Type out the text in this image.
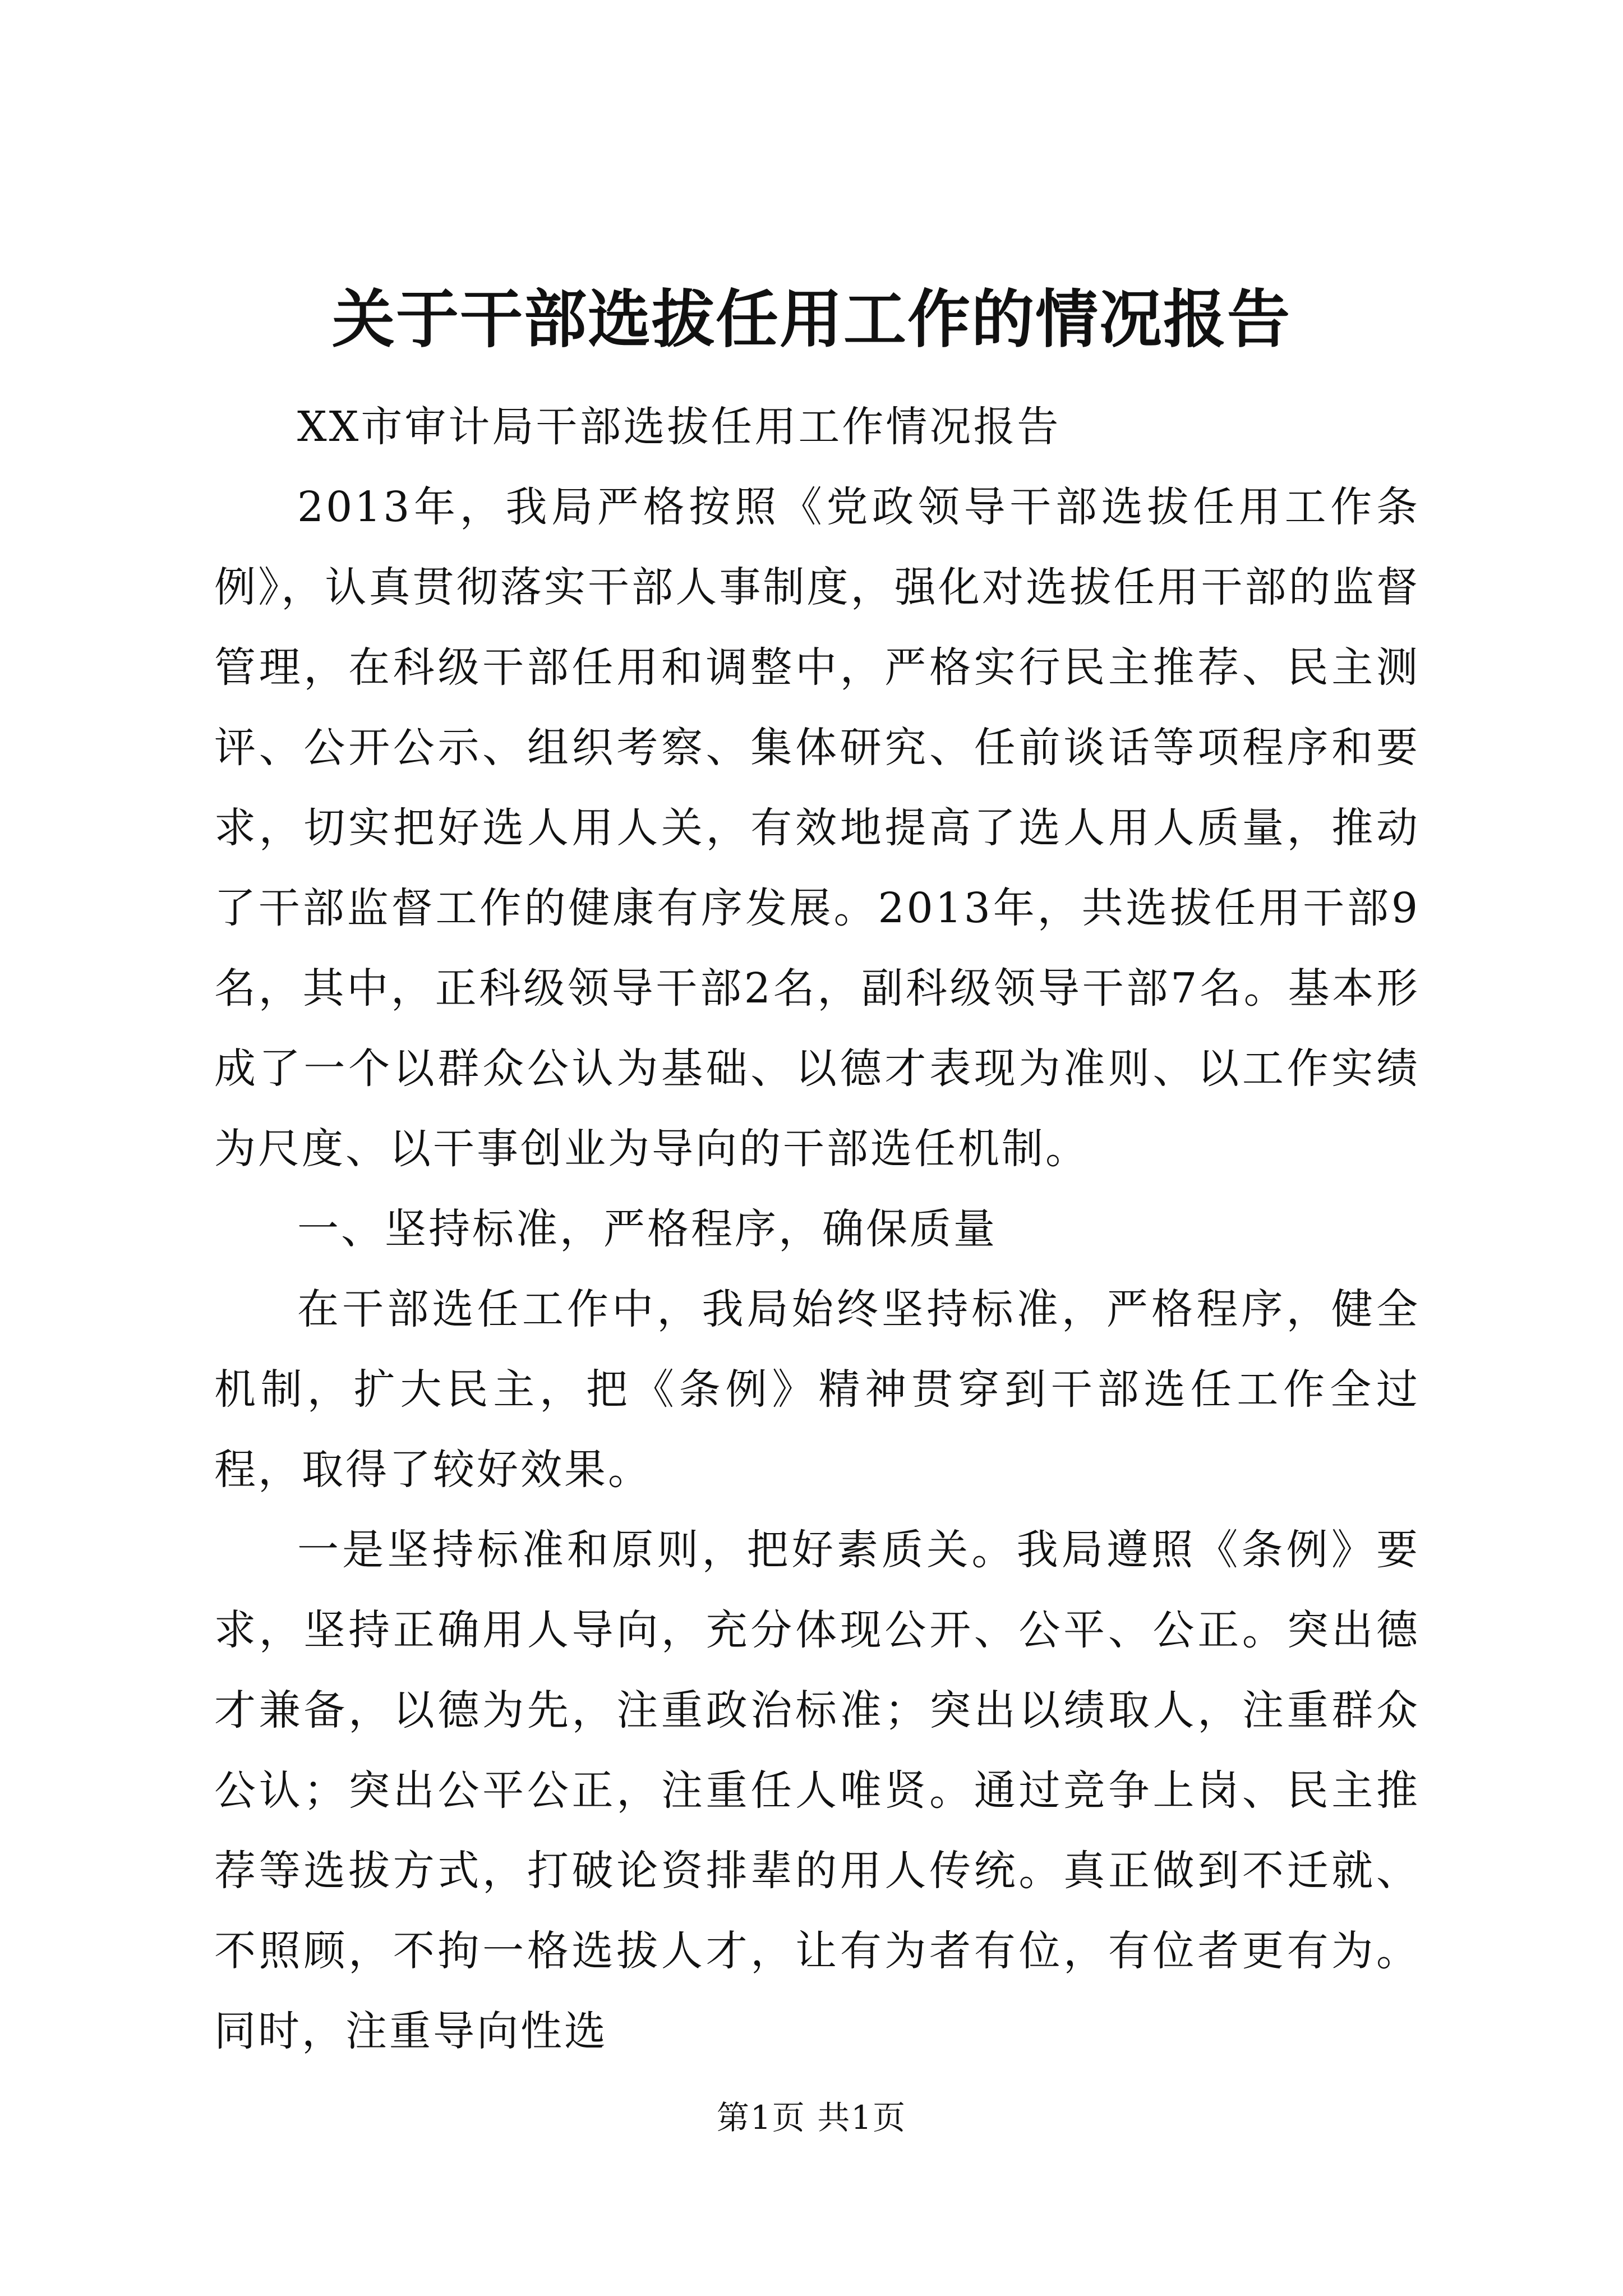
关于干部选拔任用工作的情况报告

XX市审计局干部选拔任用工作情况报告

2013年，我局严格按照《党政领导干部选拔任用工作条例》，认真贯彻落实干部人事制度，强化对选拔任用干部的监督管理，在科级干部任用和调整中，严格实行民主推荐、民主测评、公开公示、组织考察、集体研究、任前谈话等项程序和要求，切实把好选人用人关，有效地提高了选人用人质量，推动了干部监督工作的健康有序发展。2013年，共选拔任用干部9名，其中，正科级领导干部2名，副科级领导干部7名。基本形成了一个以群众公认为基础、以德才表现为准则、以工作实绩为尺度、以干事创业为导向的干部选任机制。

一、坚持标准，严格程序，确保质量

在干部选任工作中，我局始终坚持标准，严格程序，健全机制，扩大民主，把《条例》精神贯穿到干部选任工作全过程，取得了较好效果。

一是坚持标准和原则，把好素质关。我局遵照《条例》要求，坚持正确用人导向，充分体现公开、公平、公正。突出德才兼备，以德为先，注重政治标准；突出以绩取人，注重群众公认；突出公平公正，注重任人唯贤。通过竞争上岗、民主推荐等选拔方式，打破论资排辈的用人传统。真正做到不迁就、不照顾，不拘一格选拔人才，让有为者有位，有位者更有为。同时，注重导向性选

第1页 共1页
